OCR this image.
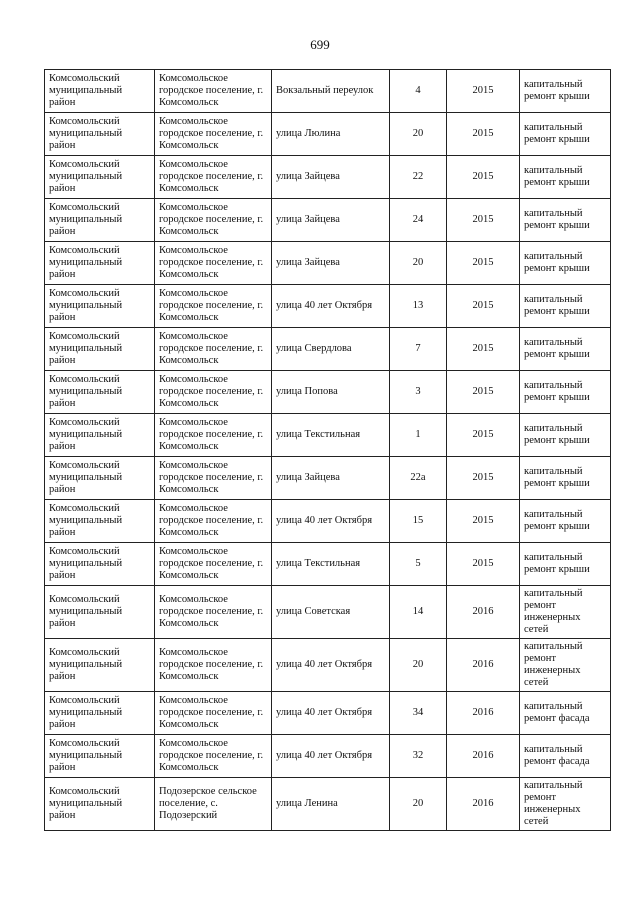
699
Комсомольский муниципальный район	Комсомольское городское поселение, г. Комсомольск	Вокзальный переулок	4	2015	капитальный ремонт крыши
Комсомольский муниципальный район	Комсомольское городское поселение, г. Комсомольск	улица Люлина	20	2015	капитальный ремонт крыши
Комсомольский муниципальный район	Комсомольское городское поселение, г. Комсомольск	улица Зайцева	22	2015	капитальный ремонт крыши
Комсомольский муниципальный район	Комсомольское городское поселение, г. Комсомольск	улица Зайцева	24	2015	капитальный ремонт крыши
Комсомольский муниципальный район	Комсомольское городское поселение, г. Комсомольск	улица Зайцева	20	2015	капитальный ремонт крыши
Комсомольский муниципальный район	Комсомольское городское поселение, г. Комсомольск	улица 40 лет Октября	13	2015	капитальный ремонт крыши
Комсомольский муниципальный район	Комсомольское городское поселение, г. Комсомольск	улица Свердлова	7	2015	капитальный ремонт крыши
Комсомольский муниципальный район	Комсомольское городское поселение, г. Комсомольск	улица Попова	3	2015	капитальный ремонт крыши
Комсомольский муниципальный район	Комсомольское городское поселение, г. Комсомольск	улица Текстильная	1	2015	капитальный ремонт крыши
Комсомольский муниципальный район	Комсомольское городское поселение, г. Комсомольск	улица Зайцева	22а	2015	капитальный ремонт крыши
Комсомольский муниципальный район	Комсомольское городское поселение, г. Комсомольск	улица 40 лет Октября	15	2015	капитальный ремонт крыши
Комсомольский муниципальный район	Комсомольское городское поселение, г. Комсомольск	улица Текстильная	5	2015	капитальный ремонт крыши
Комсомольский муниципальный район	Комсомольское городское поселение, г. Комсомольск	улица Советская	14	2016	капитальный ремонт инженерных сетей
Комсомольский муниципальный район	Комсомольское городское поселение, г. Комсомольск	улица 40 лет Октября	20	2016	капитальный ремонт инженерных сетей
Комсомольский муниципальный район	Комсомольское городское поселение, г. Комсомольск	улица 40 лет Октября	34	2016	капитальный ремонт фасада
Комсомольский муниципальный район	Комсомольское городское поселение, г. Комсомольск	улица 40 лет Октября	32	2016	капитальный ремонт фасада
Комсомольский муниципальный район	Подозерское сельское поселение, с. Подозерский	улица Ленина	20	2016	капитальный ремонт инженерных сетей
